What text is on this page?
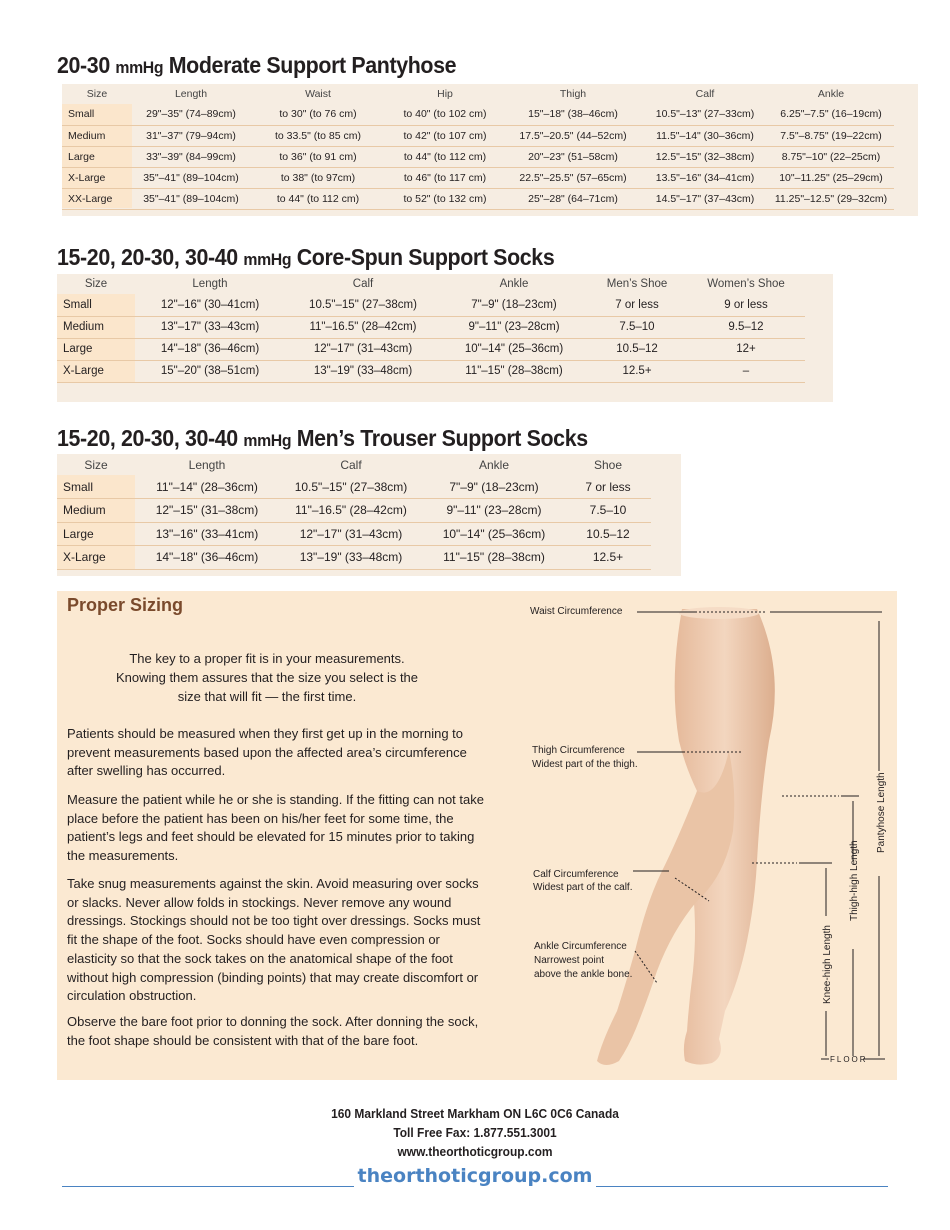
20-30 mmHg Moderate Support Pantyhose
Size	Length	Waist	Hip	Thigh	Calf	Ankle
Small	29"–35" (74–89cm)	to 30" (to 76 cm)	to 40" (to 102 cm)	15"–18" (38–46cm)	10.5"–13" (27–33cm)	6.25"–7.5" (16–19cm)
Medium	31"–37" (79–94cm)	to 33.5" (to 85 cm)	to 42" (to 107 cm)	17.5"–20.5" (44–52cm)	11.5"–14" (30–36cm)	7.5"–8.75" (19–22cm)
Large	33"–39" (84–99cm)	to 36" (to 91 cm)	to 44" (to 112 cm)	20"–23" (51–58cm)	12.5"–15" (32–38cm)	8.75"–10" (22–25cm)
X-Large	35"–41" (89–104cm)	to 38" (to 97cm)	to 46" (to 117 cm)	22.5"–25.5" (57–65cm)	13.5"–16" (34–41cm)	10"–11.25" (25–29cm)
XX-Large	35"–41" (89–104cm)	to 44" (to 112 cm)	to 52" (to 132 cm)	25"–28" (64–71cm)	14.5"–17" (37–43cm)	11.25"–12.5" (29–32cm)
15-20, 20-30, 30-40 mmHg Core-Spun Support Socks
Size	Length	Calf	Ankle	Men’s Shoe	Women’s Shoe
Small	12"–16" (30–41cm)	10.5"–15" (27–38cm)	7"–9" (18–23cm)	7 or less	9 or less
Medium	13"–17" (33–43cm)	11"–16.5" (28–42cm)	9"–11" (23–28cm)	7.5–10	9.5–12
Large	14"–18" (36–46cm)	12"–17" (31–43cm)	10"–14" (25–36cm)	10.5–12	12+
X-Large	15"–20" (38–51cm)	13"–19" (33–48cm)	11"–15" (28–38cm)	12.5+	–
15-20, 20-30, 30-40 mmHg Men’s Trouser Support Socks
Size	Length	Calf	Ankle	Shoe
Small	11"–14" (28–36cm)	10.5"–15" (27–38cm)	7"–9" (18–23cm)	7 or less
Medium	12"–15" (31–38cm)	11"–16.5" (28–42cm)	9"–11" (23–28cm)	7.5–10
Large	13"–16" (33–41cm)	12"–17" (31–43cm)	10"–14" (25–36cm)	10.5–12
X-Large	14"–18" (36–46cm)	13"–19" (33–48cm)	11"–15" (28–38cm)	12.5+
Proper Sizing
The key to a proper fit is in your measurements. Knowing them assures that the size you select is the size that will fit — the first time.
Patients should be measured when they first get up in the morning to prevent measurements based upon the affected area’s circumference after swelling has occurred.
Measure the patient while he or she is standing. If the fitting can not take place before the patient has been on his/her feet for some time, the patient’s legs and feet should be elevated for 15 minutes prior to taking the measurements.
Take snug measurements against the skin. Avoid measuring over socks or slacks. Never allow folds in stockings. Never remove any wound dressings. Stockings should not be too tight over dressings. Socks must fit the shape of the foot. Socks should have even compression or elasticity so that the sock takes on the anatomical shape of the foot without high compression (binding points) that may create discomfort or circulation obstruction.
Observe the bare foot prior to donning the sock. After donning the sock, the foot shape should be consistent with that of the bare foot.
Pantyhose Length
Thigh-high Length
Knee-high Length
FLOOR
Waist Circumference
Thigh Circumference
Widest part of the thigh.
Calf Circumference
Widest part of the calf.
Ankle Circumference
Narrowest point
above the ankle bone.
160 Markland Street Markham ON L6C 0C6 Canada
Toll Free Fax: 1.877.551.3001
www.theorthoticgroup.com
theorthoticgroup.com
